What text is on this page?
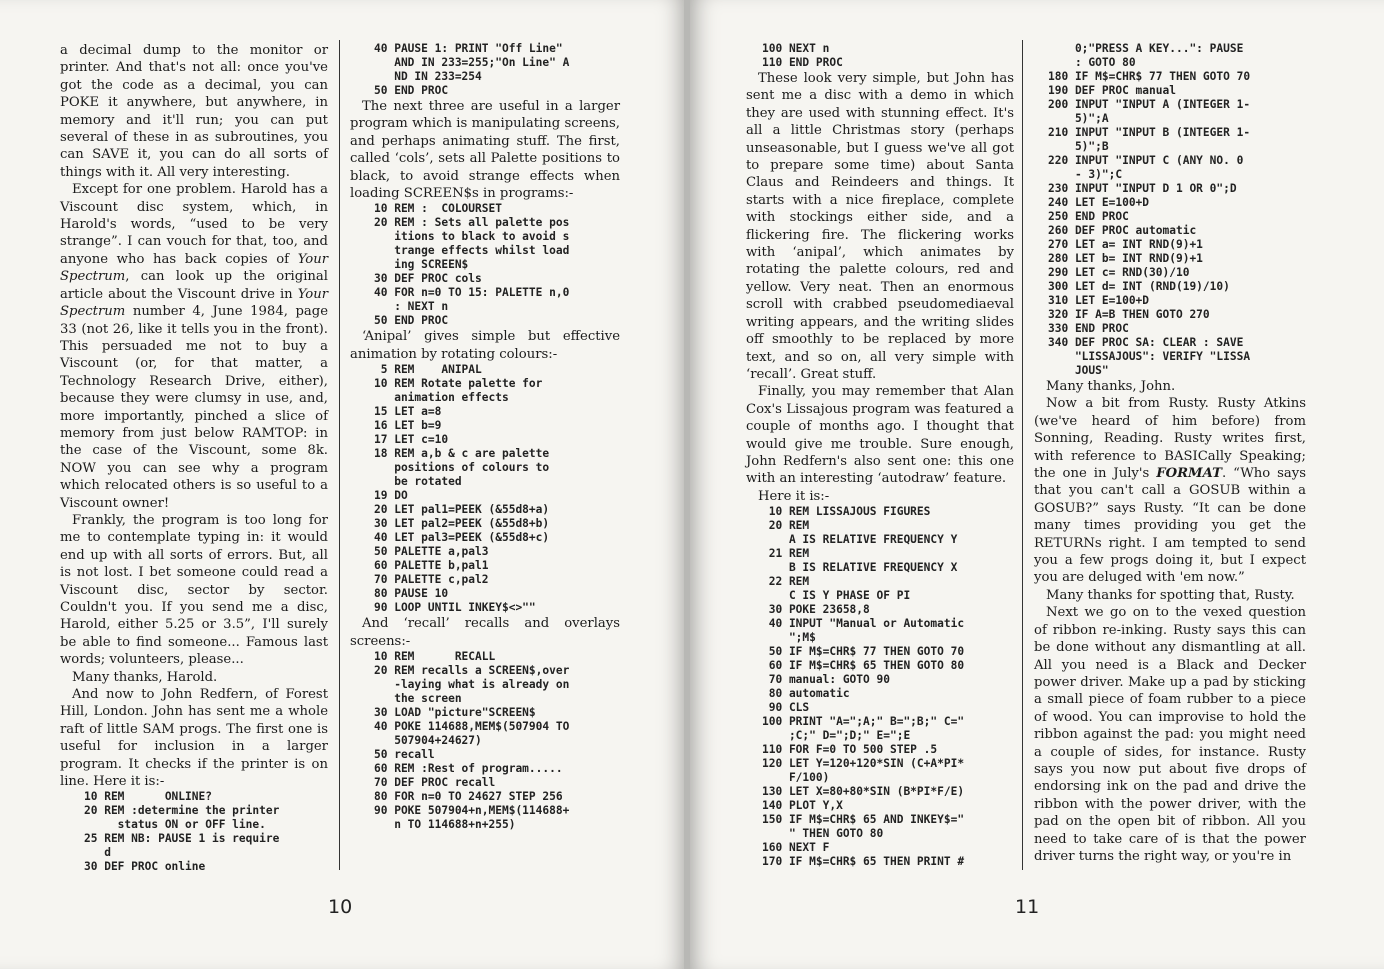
a decimal dump to the monitor or printer. And that's not all: once you've got the code as a decimal, you can POKE it anywhere, but anywhere, in memory and it'll run; you can put several of these in as subroutines, you can SAVE it, you can do all sorts of things with it. All very interesting.

Except for one problem. Harold has a Viscount disc system, which, in Harold's words, “used to be very strange”. I can vouch for that, too, and anyone who has back copies of Your Spectrum, can look up the original article about the Viscount drive in Your Spectrum number 4, June 1984, page 33 (not 26, like it tells you in the front). This persuaded me not to buy a Viscount (or, for that matter, a Technology Research Drive, either), because they were clumsy in use, and, more importantly, pinched a slice of memory from just below RAMTOP: in the case of the Viscount, some 8k. NOW you can see why a program which relocated others is so useful to a Viscount owner!

Frankly, the program is too long for me to contemplate typing in: it would end up with all sorts of errors. But, all is not lost. I bet someone could read a Viscount disc, sector by sector. Couldn't you. If you send me a disc, Harold, either 5.25 or 3.5”, I'll surely be able to find someone... Famous last words; volunteers, please...

Many thanks, Harold.

And now to John Redfern, of Forest Hill, London. John has sent me a whole raft of little SAM progs. The first one is useful for inclusion in a larger program. It checks if the printer is on line. Here it is:-

10 REM      ONLINE?
20 REM :determine the printer
status ON or OFF line.
25 REM NB: PAUSE 1 is require
d
30 DEF PROC online
40 PAUSE 1: PRINT "Off Line"
AND IN 233=255;"On Line" A
ND IN 233=254
50 END PROC

The next three are useful in a larger program which is manipulating screens, and perhaps animating stuff. The first, called ‘cols’, sets all Palette positions to black, to avoid strange effects when loading SCREEN$s in programs:-

10 REM :  COLOURSET
20 REM : Sets all palette pos
itions to black to avoid s
trange effects whilst load
ing SCREEN$
30 DEF PROC cols
40 FOR n=0 TO 15: PALETTE n,0
: NEXT n
50 END PROC

‘Anipal’ gives simple but effective animation by rotating colours:-

5 REM    ANIPAL
10 REM Rotate palette for
animation effects
15 LET a=8
16 LET b=9
17 LET c=10
18 REM a,b & c are palette
positions of colours to
be rotated
19 DO
20 LET pal1=PEEK (&55d8+a)
30 LET pal2=PEEK (&55d8+b)
40 LET pal3=PEEK (&55d8+c)
50 PALETTE a,pal3
60 PALETTE b,pal1
70 PALETTE c,pal2
80 PAUSE 10
90 LOOP UNTIL INKEY$<>""

And ‘recall’ recalls and overlays screens:-

10 REM      RECALL
20 REM recalls a SCREEN$,over
-laying what is already on
the screen
30 LOAD "picture"SCREEN$
40 POKE 114688,MEM$(507904 TO
507904+24627)
50 recall
60 REM :Rest of program.....
70 DEF PROC recall
80 FOR n=0 TO 24627 STEP 256
90 POKE 507904+n,MEM$(114688+
n TO 114688+n+255)
10
100 NEXT n
110 END PROC

These look very simple, but John has sent me a disc with a demo in which they are used with stunning effect. It's all a little Christmas story (perhaps unseasonable, but I guess we've all got to prepare some time) about Santa Claus and Reindeers and things. It starts with a nice fireplace, complete with stockings either side, and a flickering fire. The flickering works with ‘anipal’, which animates by rotating the palette colours, red and yellow. Very neat. Then an enormous scroll with crabbed pseudomediaeval writing appears, and the writing slides off smoothly to be replaced by more text, and so on, all very simple with ‘recall’. Great stuff.

Finally, you may remember that Alan Cox's Lissajous program was featured a couple of months ago. I thought that would give me trouble. Sure enough, John Redfern's also sent one: this one with an interesting ‘autodraw’ feature.

Here it is:-

10 REM LISSAJOUS FIGURES
20 REM
A IS RELATIVE FREQUENCY Y
21 REM
B IS RELATIVE FREQUENCY X
22 REM
C IS Y PHASE OF PI
30 POKE 23658,8
40 INPUT "Manual or Automatic
";M$
50 IF M$=CHR$ 77 THEN GOTO 70
60 IF M$=CHR$ 65 THEN GOTO 80
70 manual: GOTO 90
80 automatic
90 CLS
100 PRINT "A=";A;" B=";B;" C="
;C;" D=";D;" E=";E
110 FOR F=0 TO 500 STEP .5
120 LET Y=120+120*SIN (C+A*PI*
F/100)
130 LET X=80+80*SIN (B*PI*F/E)
140 PLOT Y,X
150 IF M$=CHR$ 65 AND INKEY$="
" THEN GOTO 80
160 NEXT F
170 IF M$=CHR$ 65 THEN PRINT #
0;"PRESS A KEY...": PAUSE
: GOTO 80
180 IF M$=CHR$ 77 THEN GOTO 70
190 DEF PROC manual
200 INPUT "INPUT A (INTEGER 1-
5)";A
210 INPUT "INPUT B (INTEGER 1-
5)";B
220 INPUT "INPUT C (ANY NO. 0
- 3)";C
230 INPUT "INPUT D 1 OR 0";D
240 LET E=100+D
250 END PROC
260 DEF PROC automatic
270 LET a= INT RND(9)+1
280 LET b= INT RND(9)+1
290 LET c= RND(30)/10
300 LET d= INT (RND(19)/10)
310 LET E=100+D
320 IF A=B THEN GOTO 270
330 END PROC
340 DEF PROC SA: CLEAR : SAVE
"LISSAJOUS": VERIFY "LISSA
JOUS"

Many thanks, John.

Now a bit from Rusty. Rusty Atkins (we've heard of him before) from Sonning, Reading. Rusty writes first, with reference to BASICally Speaking; the one in July's FORMAT. “Who says that you can't call a GOSUB within a GOSUB?” says Rusty. “It can be done many times providing you get the RETURNs right. I am tempted to send you a few progs doing it, but I expect you are deluged with 'em now.”

Many thanks for spotting that, Rusty.

Next we go on to the vexed question of ribbon re-inking. Rusty says this can be done without any dismantling at all. All you need is a Black and Decker power driver. Make up a pad by sticking a small piece of foam rubber to a piece of wood. You can improvise to hold the ribbon against the pad: you might need a couple of sides, for instance. Rusty says you now put about five drops of endorsing ink on the pad and drive the ribbon with the power driver, with the pad on the open bit of ribbon. All you need to take care of is that the power driver turns the right way, or you're in

11
